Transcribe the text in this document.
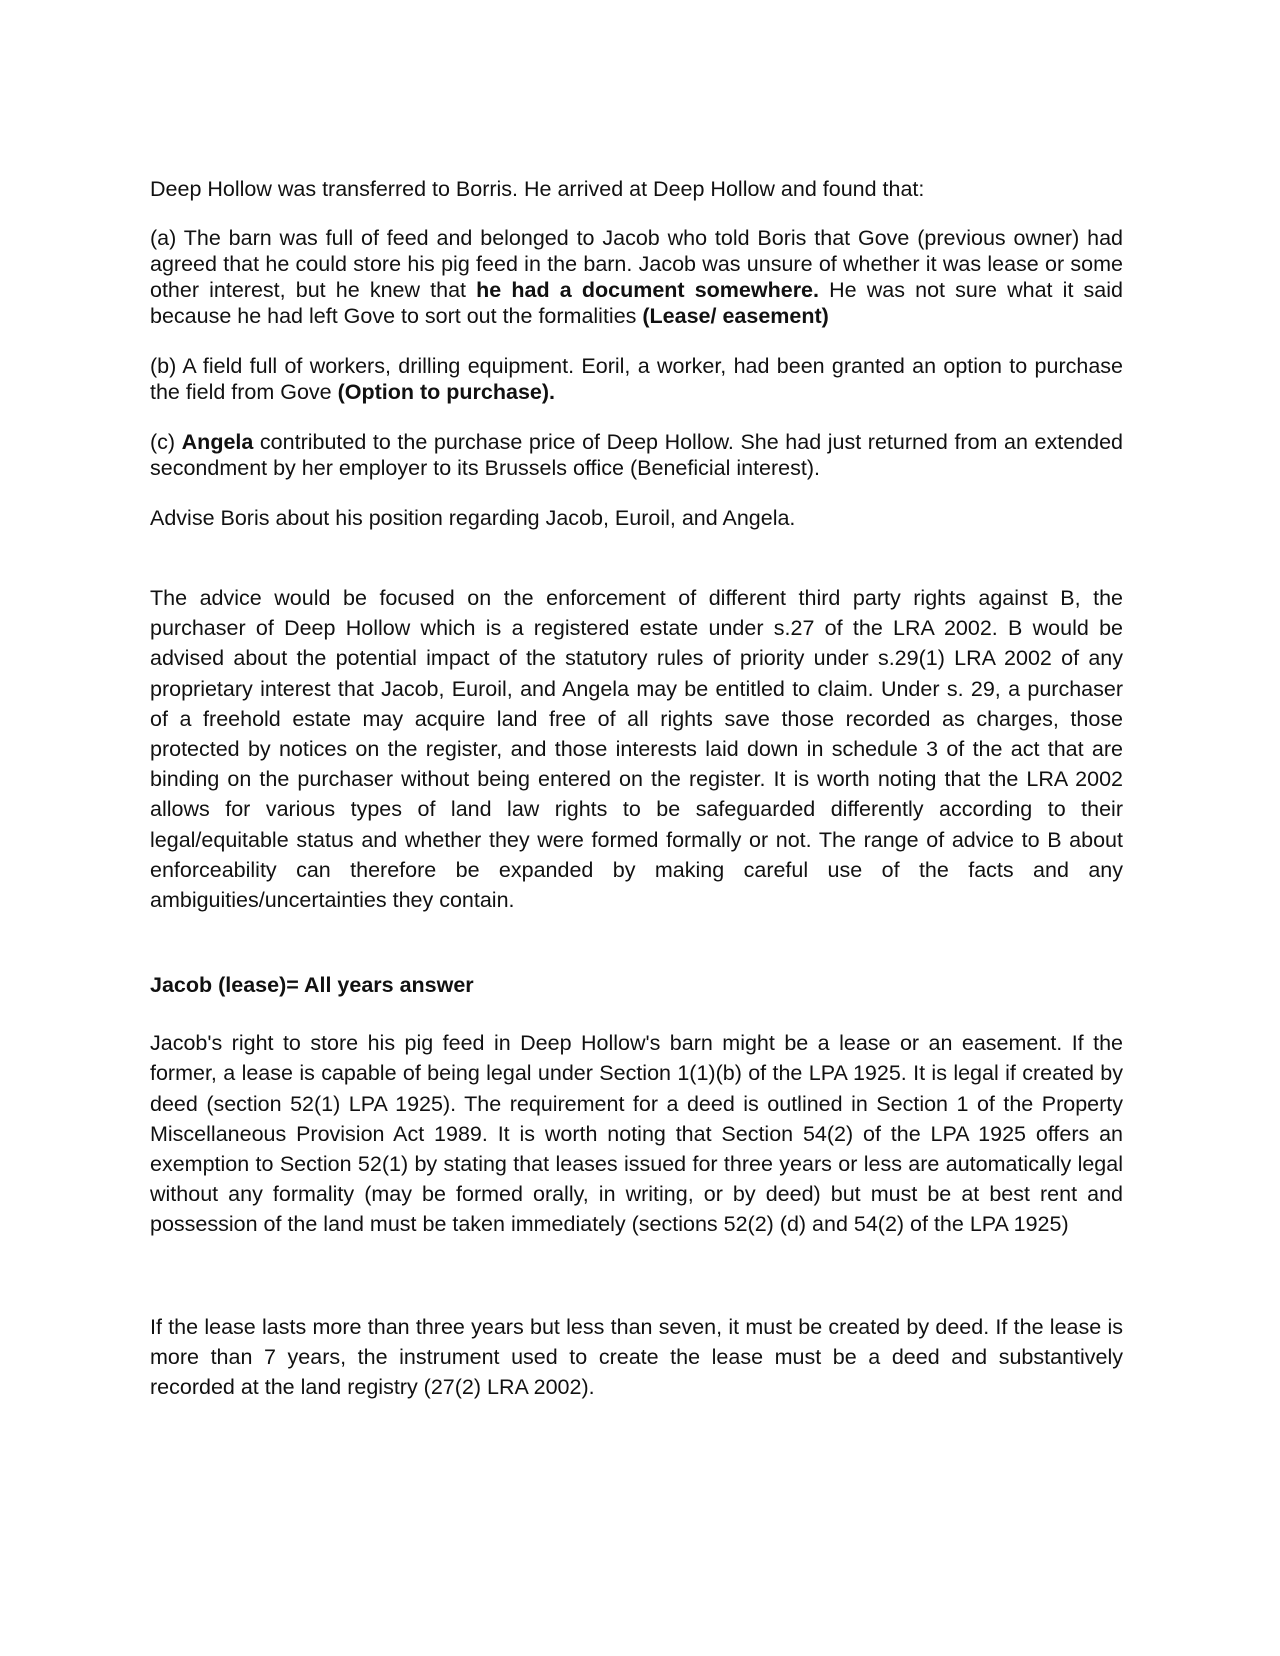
Deep Hollow was transferred to Borris. He arrived at Deep Hollow and found that:

(a) The barn was full of feed and belonged to Jacob who told Boris that Gove (previous owner) had agreed that he could store his pig feed in the barn. Jacob was unsure of whether it was lease or some other interest, but he knew that he had a document somewhere. He was not sure what it said because he had left Gove to sort out the formalities (Lease/ easement)

(b) A field full of workers, drilling equipment. Eoril, a worker, had been granted an option to purchase the field from Gove (Option to purchase).

(c) Angela contributed to the purchase price of Deep Hollow. She had just returned from an extended secondment by her employer to its Brussels office (Beneficial interest).

Advise Boris about his position regarding Jacob, Euroil, and Angela.

The advice would be focused on the enforcement of different third party rights against B, the purchaser of Deep Hollow which is a registered estate under s.27 of the LRA 2002. B would be advised about the potential impact of the statutory rules of priority under s.29(1) LRA 2002 of any proprietary interest that Jacob, Euroil, and Angela may be entitled to claim. Under s. 29, a purchaser of a freehold estate may acquire land free of all rights save those recorded as charges, those protected by notices on the register, and those interests laid down in schedule 3 of the act that are binding on the purchaser without being entered on the register. It is worth noting that the LRA 2002 allows for various types of land law rights to be safeguarded differently according to their legal/equitable status and whether they were formed formally or not. The range of advice to B about enforceability can therefore be expanded by making careful use of the facts and any ambiguities/uncertainties they contain.

Jacob (lease)= All years answer

Jacob's right to store his pig feed in Deep Hollow's barn might be a lease or an easement. If the former, a lease is capable of being legal under Section 1(1)(b) of the LPA 1925. It is legal if created by deed (section 52(1) LPA 1925). The requirement for a deed is outlined in Section 1 of the Property Miscellaneous Provision Act 1989. It is worth noting that Section 54(2) of the LPA 1925 offers an exemption to Section 52(1) by stating that leases issued for three years or less are automatically legal without any formality (may be formed orally, in writing, or by deed) but must be at best rent and possession of the land must be taken immediately (sections 52(2) (d) and 54(2) of the LPA 1925)

If the lease lasts more than three years but less than seven, it must be created by deed. If the lease is more than 7 years, the instrument used to create the lease must be a deed and substantively recorded at the land registry (27(2) LRA 2002).
